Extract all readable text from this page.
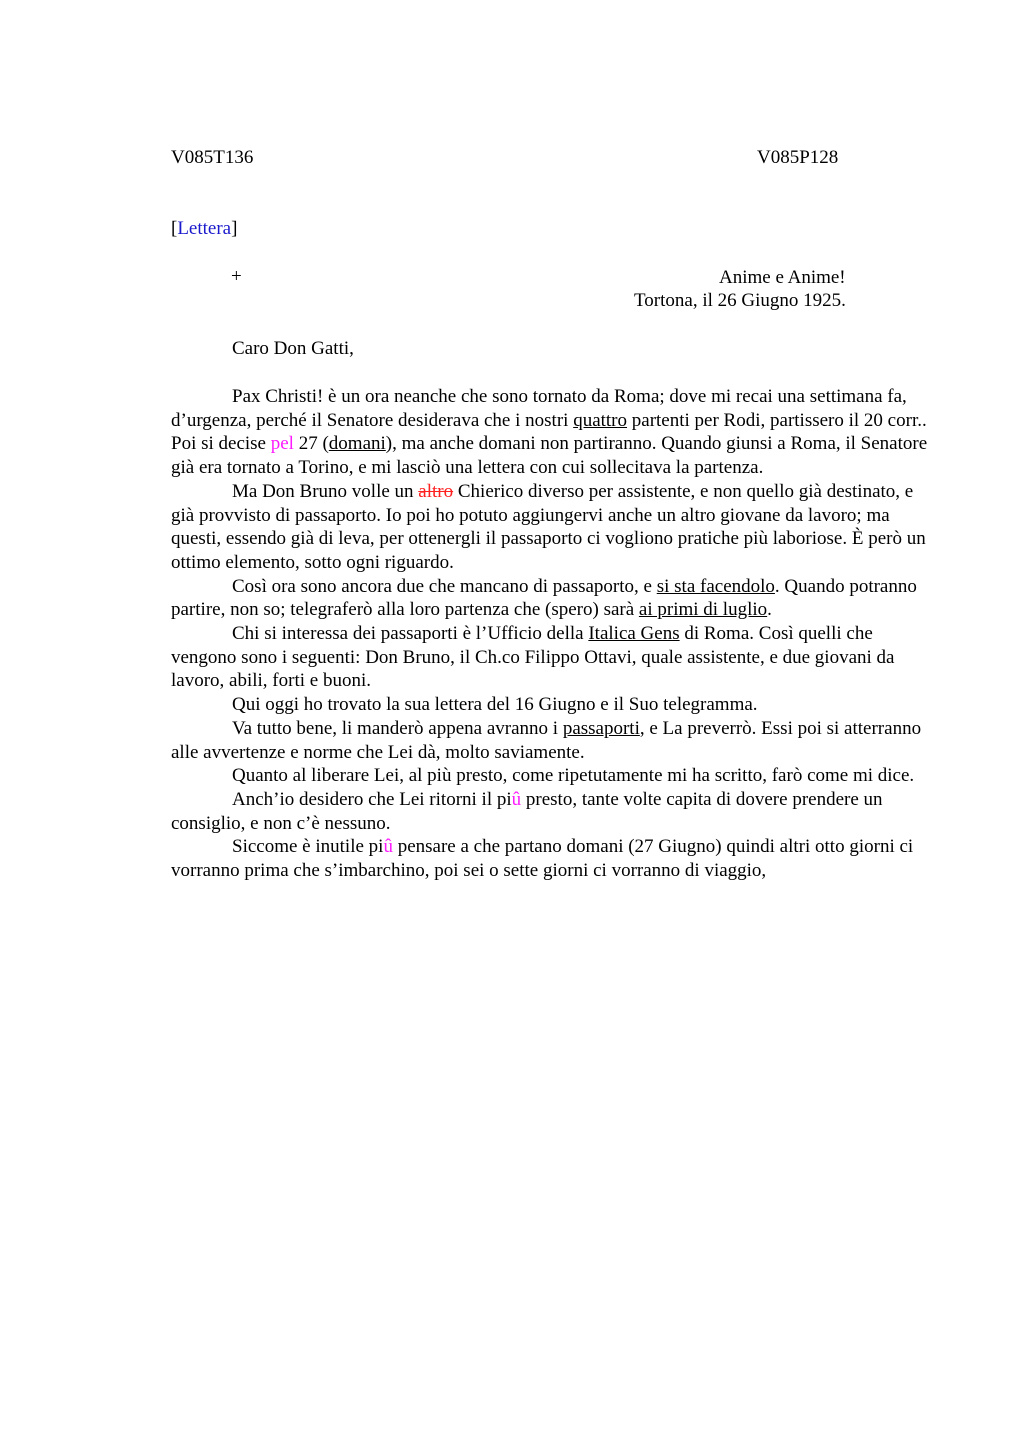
V085T136	V085P128
[Lettera]
+	Anime e Anime!
Tortona, il 26 Giugno 1925.
Caro Don Gatti,

Pax Christi! è un ora neanche che sono tornato da Roma; dove mi recai una settimana fa, d’urgenza, perché il Senatore desiderava che i nostri quattro partenti per Rodi, partissero il 20 corr.. Poi si decise pel 27 (domani), ma anche domani non partiranno. Quando giunsi a Roma, il Senatore già era tornato a Torino, e mi lasciò una lettera con cui sollecitava la partenza.

Ma Don Bruno volle un altro Chierico diverso per assistente, e non quello già destinato, e già provvisto di passaporto. Io poi ho potuto aggiungervi anche un altro giovane da lavoro; ma questi, essendo già di leva, per ottenergli il passaporto ci vogliono pratiche più laboriose. È però un ottimo elemento, sotto ogni riguardo.

Così ora sono ancora due che mancano di passaporto, e si sta facendolo. Quando potranno partire, non so; telegraferò alla loro partenza che (spero) sarà ai primi di luglio.

Chi si interessa dei passaporti è l’Ufficio della Italica Gens di Roma. Così quelli che vengono sono i seguenti: Don Bruno, il Ch.co Filippo Ottavi, quale assistente, e due giovani da lavoro, abili, forti e buoni.

Qui oggi ho trovato la sua lettera del 16 Giugno e il Suo telegramma.

Va tutto bene, li manderò appena avranno i passaporti, e La preverrò. Essi poi si atterranno alle avvertenze e norme che Lei dà, molto saviamente.

Quanto al liberare Lei, al più presto, come ripetutamente mi ha scritto, farò come mi dice.

Anch’io desidero che Lei ritorni il piû presto, tante volte capita di dovere prendere un consiglio, e non c’è nessuno.

Siccome è inutile piû pensare a che partano domani (27 Giugno) quindi altri otto giorni ci vorranno prima che s’imbarchino, poi sei o sette giorni ci vorranno di viaggio,
